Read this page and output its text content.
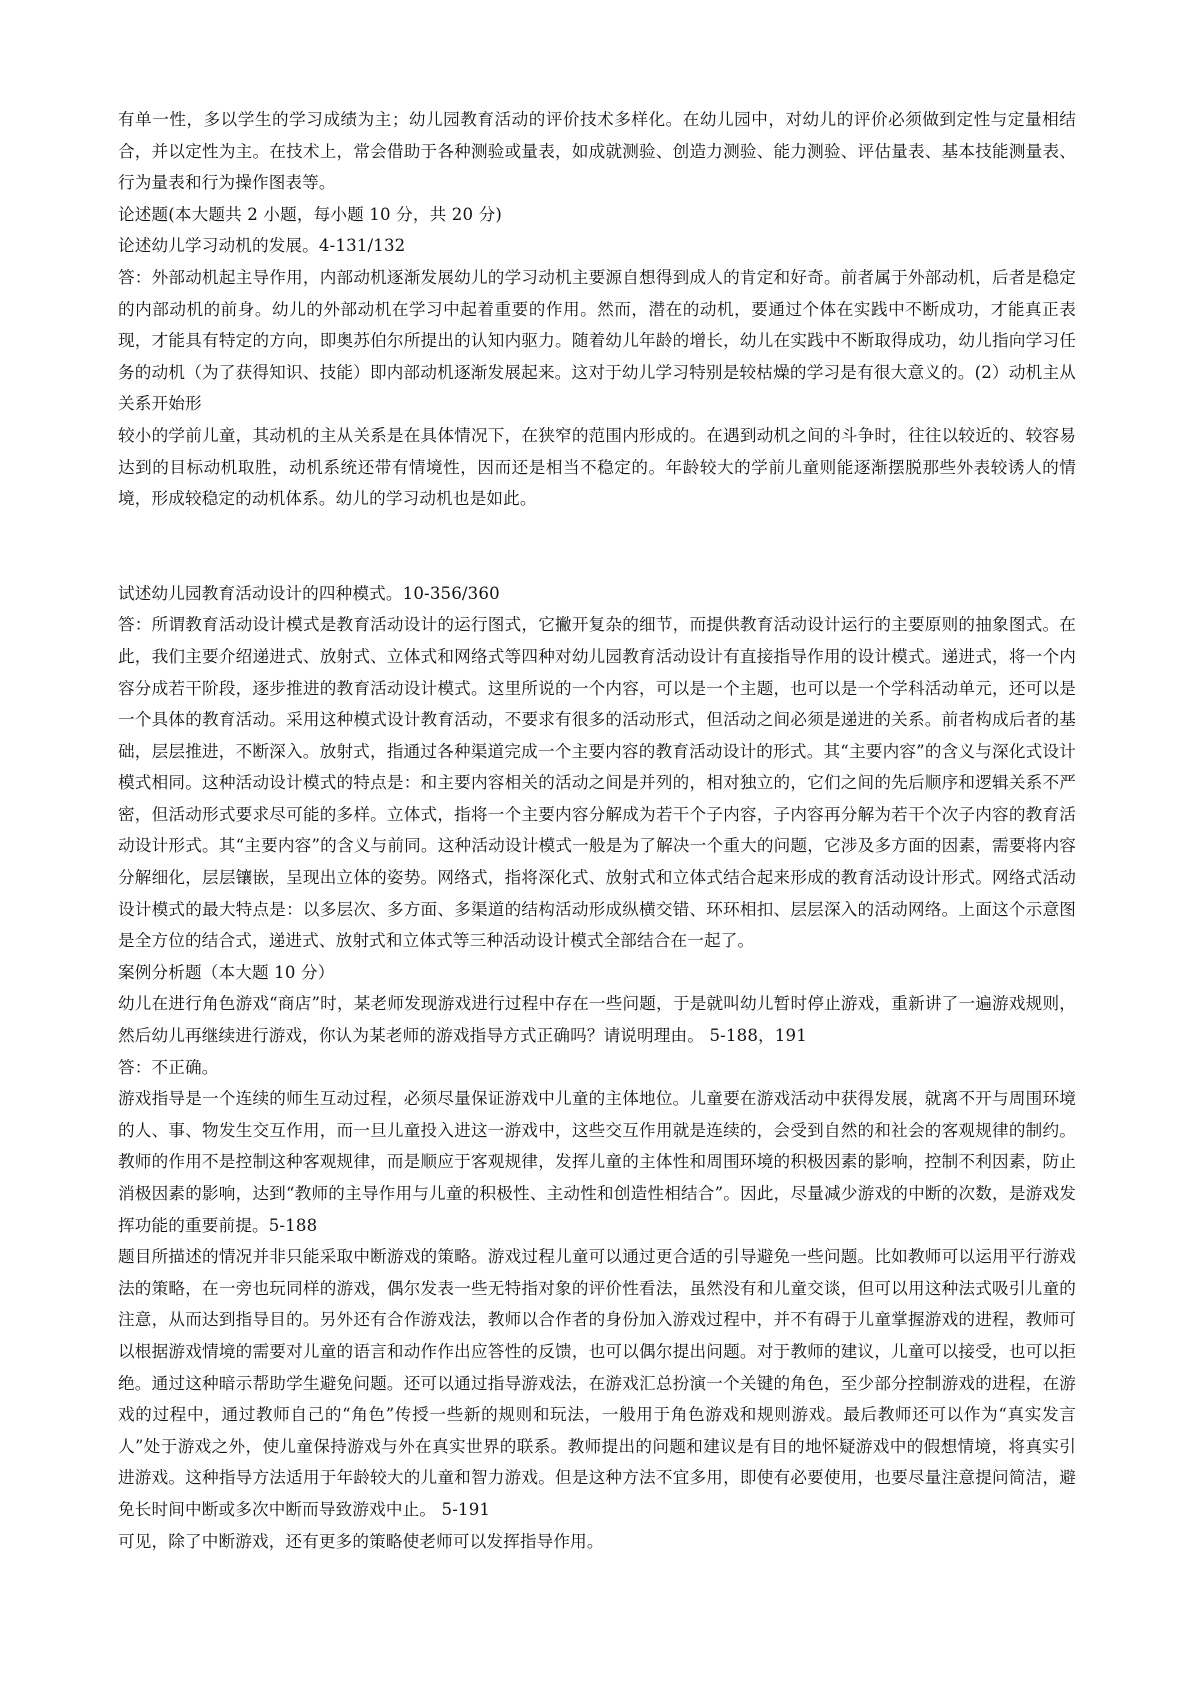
有单一性，多以学生的学习成绩为主；幼儿园教育活动的评价技术多样化。在幼儿园中，对幼儿的评价必须做到定性与定量相结合，并以定性为主。在技术上，常会借助于各种测验或量表，如成就测验、创造力测验、能力测验、评估量表、基本技能测量表、行为量表和行为操作图表等。

论述题(本大题共 2 小题，每小题 10 分，共 20 分)

论述幼儿学习动机的发展。4-131/132

答：外部动机起主导作用，内部动机逐渐发展幼儿的学习动机主要源自想得到成人的肯定和好奇。前者属于外部动机，后者是稳定的内部动机的前身。幼儿的外部动机在学习中起着重要的作用。然而，潜在的动机，要通过个体在实践中不断成功，才能真正表现，才能具有特定的方向，即奥苏伯尔所提出的认知内驱力。随着幼儿年龄的增长，幼儿在实践中不断取得成功，幼儿指向学习任务的动机（为了获得知识、技能）即内部动机逐渐发展起来。这对于幼儿学习特别是较枯燥的学习是有很大意义的。(2）动机主从关系开始形

较小的学前儿童，其动机的主从关系是在具体情况下，在狭窄的范围内形成的。在遇到动机之间的斗争时，往往以较近的、较容易达到的目标动机取胜，动机系统还带有情境性，因而还是相当不稳定的。年龄较大的学前儿童则能逐渐摆脱那些外表较诱人的情境，形成较稳定的动机体系。幼儿的学习动机也是如此。

试述幼儿园教育活动设计的四种模式。10-356/360

答：所谓教育活动设计模式是教育活动设计的运行图式，它撇开复杂的细节，而提供教育活动设计运行的主要原则的抽象图式。在此，我们主要介绍递进式、放射式、立体式和网络式等四种对幼儿园教育活动设计有直接指导作用的设计模式。递进式，将一个内容分成若干阶段，逐步推进的教育活动设计模式。这里所说的一个内容，可以是一个主题，也可以是一个学科活动单元，还可以是一个具体的教育活动。采用这种模式设计教育活动，不要求有很多的活动形式，但活动之间必须是递进的关系。前者构成后者的基础，层层推进，不断深入。放射式，指通过各种渠道完成一个主要内容的教育活动设计的形式。其“主要内容”的含义与深化式设计模式相同。这种活动设计模式的特点是：和主要内容相关的活动之间是并列的，相对独立的，它们之间的先后顺序和逻辑关系不严密，但活动形式要求尽可能的多样。立体式，指将一个主要内容分解成为若干个子内容，子内容再分解为若干个次子内容的教育活动设计形式。其“主要内容”的含义与前同。这种活动设计模式一般是为了解决一个重大的问题，它涉及多方面的因素，需要将内容分解细化，层层镶嵌，呈现出立体的姿势。网络式，指将深化式、放射式和立体式结合起来形成的教育活动设计形式。网络式活动设计模式的最大特点是：以多层次、多方面、多渠道的结构活动形成纵横交错、环环相扣、层层深入的活动网络。上面这个示意图是全方位的结合式，递进式、放射式和立体式等三种活动设计模式全部结合在一起了。

案例分析题（本大题 10 分）

幼儿在进行角色游戏“商店”时，某老师发现游戏进行过程中存在一些问题，于是就叫幼儿暂时停止游戏，重新讲了一遍游戏规则，然后幼儿再继续进行游戏，你认为某老师的游戏指导方式正确吗？请说明理由。 5-188，191

答：不正确。

游戏指导是一个连续的师生互动过程，必须尽量保证游戏中儿童的主体地位。儿童要在游戏活动中获得发展，就离不开与周围环境的人、事、物发生交互作用，而一旦儿童投入进这一游戏中，这些交互作用就是连续的，会受到自然的和社会的客观规律的制约。教师的作用不是控制这种客观规律，而是顺应于客观规律，发挥儿童的主体性和周围环境的积极因素的影响，控制不利因素，防止消极因素的影响，达到“教师的主导作用与儿童的积极性、主动性和创造性相结合”。因此，尽量减少游戏的中断的次数，是游戏发挥功能的重要前提。5-188

题目所描述的情况并非只能采取中断游戏的策略。游戏过程儿童可以通过更合适的引导避免一些问题。比如教师可以运用平行游戏法的策略，在一旁也玩同样的游戏，偶尔发表一些无特指对象的评价性看法，虽然没有和儿童交谈，但可以用这种法式吸引儿童的注意，从而达到指导目的。另外还有合作游戏法，教师以合作者的身份加入游戏过程中，并不有碍于儿童掌握游戏的进程，教师可以根据游戏情境的需要对儿童的语言和动作作出应答性的反馈，也可以偶尔提出问题。对于教师的建议，儿童可以接受，也可以拒绝。通过这种暗示帮助学生避免问题。还可以通过指导游戏法，在游戏汇总扮演一个关键的角色，至少部分控制游戏的进程，在游戏的过程中，通过教师自己的“角色”传授一些新的规则和玩法，一般用于角色游戏和规则游戏。最后教师还可以作为“真实发言人”处于游戏之外，使儿童保持游戏与外在真实世界的联系。教师提出的问题和建议是有目的地怀疑游戏中的假想情境，将真实引进游戏。这种指导方法适用于年龄较大的儿童和智力游戏。但是这种方法不宜多用，即使有必要使用，也要尽量注意提问简洁，避免长时间中断或多次中断而导致游戏中止。 5-191

可见，除了中断游戏，还有更多的策略使老师可以发挥指导作用。
